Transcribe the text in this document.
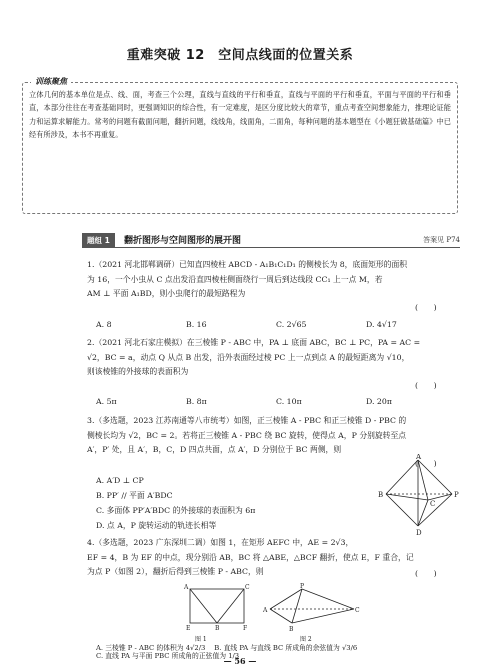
重难突破 12　空间点线面的位置关系
训练聚焦
立体几何的基本单位是点、线、面，考查三个公理，直线与直线的平行和垂直，直线与平面的平行和垂直，平面与平面的平行和垂直，本部分往往在考查基础同时，更强调知识的综合性，有一定难度，是区分度比较大的章节，重点考查空间想象能力，推理论证能力和运算求解能力。常考的问题有截面问题，翻折问题，线线角，线面角，二面角，每种问题的基本题型在《小题狂做基础篇》中已经有所涉及，本书不再重复。
题组 1	翻折图形与空间图形的展开图	答案见 P74
1.（2021 河北邯郸调研）已知直四棱柱 ABCD - A₁B₁C₁D₁ 的侧棱长为 8，底面矩形的面积
为 16，一个小虫从 C 点出发沿直四棱柱侧面绕行一周后到达线段 CC₁ 上一点 M，若
AM ⊥ 平面 A₁BD，则小虫爬行的最短路程为
(　　)
A. 8	B. 16	C. 2√65	D. 4√17
2.（2021 河北石家庄模拟）在三棱锥 P - ABC 中，PA ⊥ 底面 ABC，BC ⊥ PC，PA = AC =
√2，BC = a，动点 Q 从点 B 出发，沿外表面经过棱 PC 上一点到点 A 的最短距离为 √10，
则该棱锥的外接球的表面积为
(　　)
A. 5π	B. 8π	C. 10π	D. 20π
3.（多选题，2023 江苏南通等八市统考）如图，正三棱锥 A - PBC 和正三棱锥 D - PBC 的
侧棱长均为 √2，BC = 2。若将正三棱锥 A - PBC 绕 BC 旋转，使得点 A，P 分别旋转至点
A′，P′ 处，且 A′，B，C，D 四点共面，点 A′，D 分别位于 BC 两侧，则
(　　)
A. A′D ⊥ CP
B. PP′ // 平面 A′BDC
C. 多面体 PP′A′BDC 的外接球的表面积为 6π
D. 点 A，P 旋转运动的轨迹长相等
A
B
C
P
D
4.（多选题，2023 广东深圳二调）如图 1，在矩形 AEFC 中，AE = 2√3，
EF = 4，B 为 EF 的中点，现分别沿 AB，BC 将 △ABE，△BCF 翻折，使点 E，F 重合，记
为点 P（如图 2），翻折后得到三棱锥 P - ABC，则	(　　)
A	C
E	B	F
P
A
B
C
图 1	图 2
A. 三棱锥 P - ABC 的体积为 4√2/3　 B. 直线 PA 与直线 BC 所成角的余弦值为 √3/6
C. 直线 PA 与平面 PBC 所成角的正弦值为 1/3
— 56 —
